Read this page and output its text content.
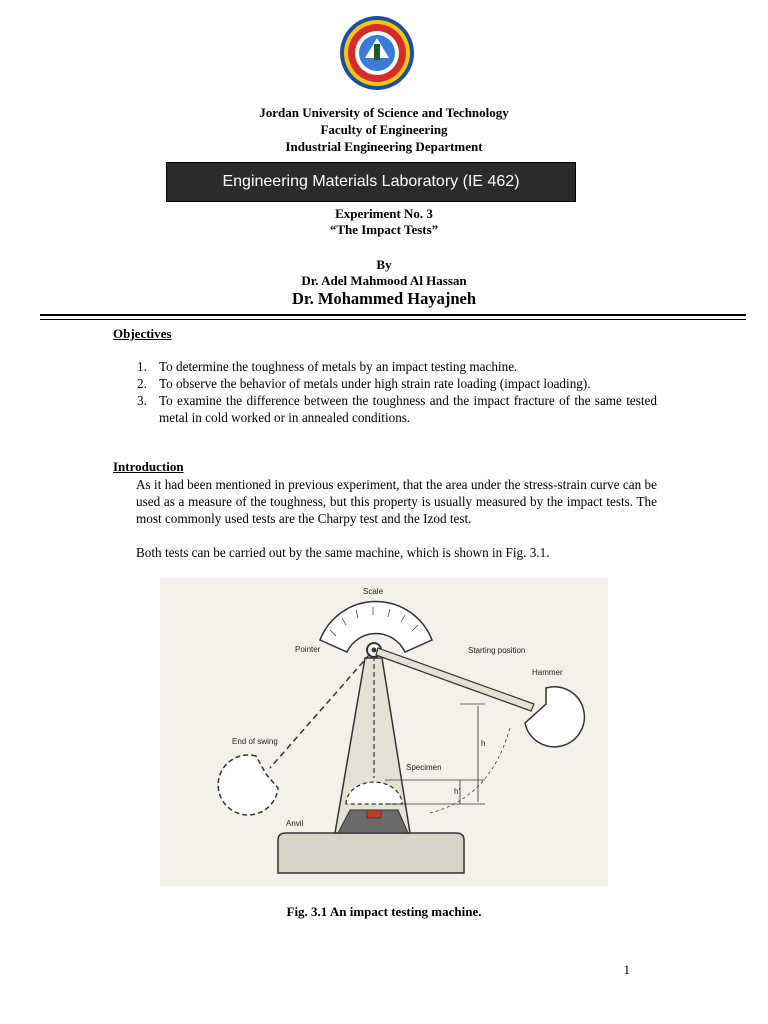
Jordan University of Science and Technology
Faculty of Engineering
Industrial Engineering Department
Engineering Materials Laboratory (IE 462)
Experiment No. 3
“The Impact Tests”
By
Dr. Adel Mahmood Al Hassan
Dr. Mohammed Hayajneh
Objectives
1. To determine the toughness of metals by an impact testing machine.
2. To observe the behavior of metals under high strain rate loading (impact loading).
3. To examine the difference between the toughness and the impact fracture of the same tested metal in cold worked or in annealed conditions.
Introduction

As it had been mentioned in previous experiment, that the area under the stress-strain curve can be used as a measure of the toughness, but this property is usually measured by the impact tests. The most commonly used tests are the Charpy test and the Izod test.

Both tests can be carried out by the same machine, which is shown in Fig. 3.1.

Scale
Pointer	Starting position
Hammer
End of swing
Specimen
Anvil
h
h'
Fig. 3.1 An impact testing machine.
1
